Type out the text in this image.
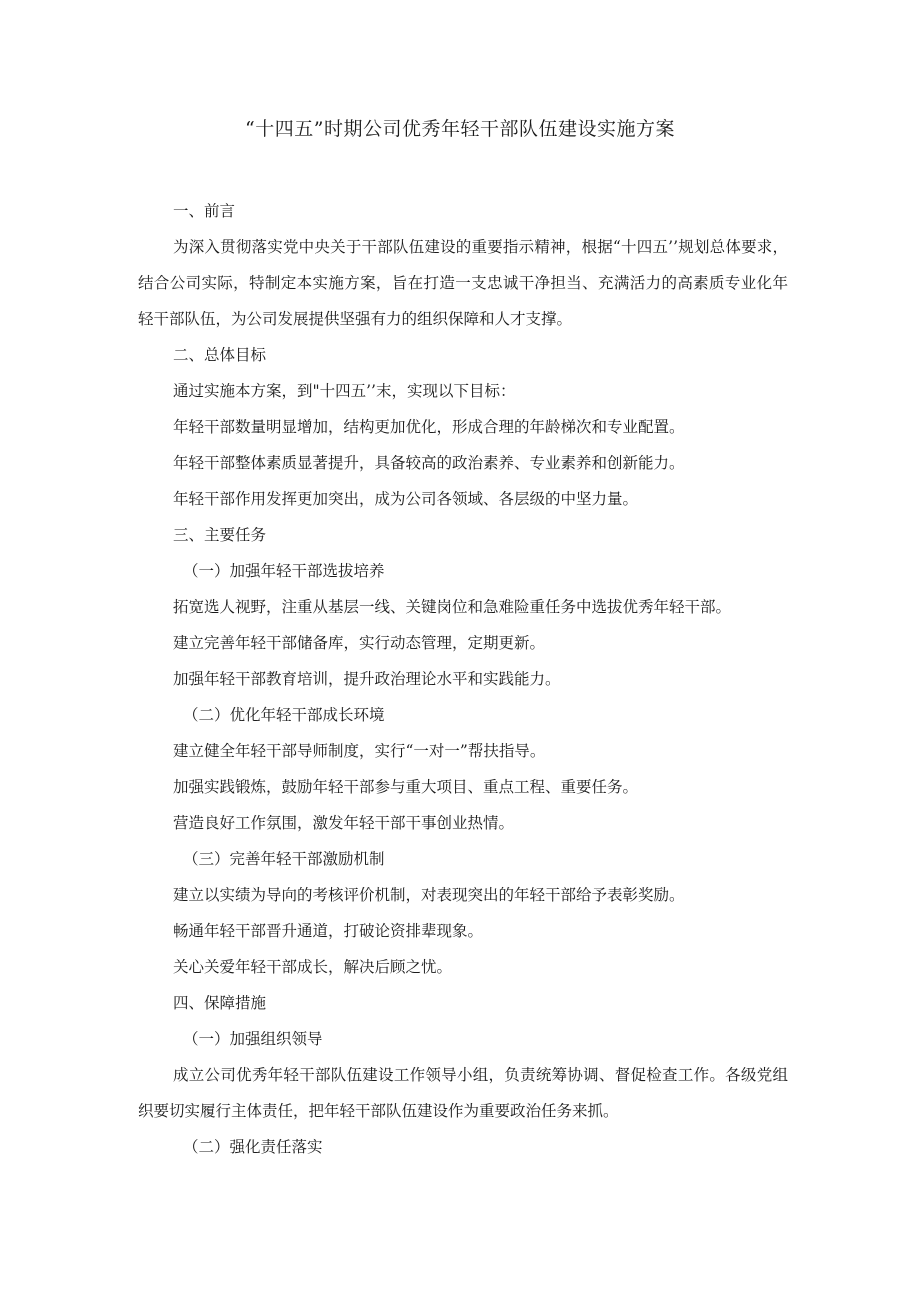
“十四五”时期公司优秀年轻干部队伍建设实施方案

一、前言

为深入贯彻落实党中央关于干部队伍建设的重要指示精神，根据“十四五’’规划总体要求，结合公司实际，特制定本实施方案，旨在打造一支忠诚干净担当、充满活力的高素质专业化年轻干部队伍，为公司发展提供坚强有力的组织保障和人才支撑。

二、总体目标

通过实施本方案，到"十四五’’末，实现以下目标：

年轻干部数量明显增加，结构更加优化，形成合理的年龄梯次和专业配置。

年轻干部整体素质显著提升，具备较高的政治素养、专业素养和创新能力。

年轻干部作用发挥更加突出，成为公司各领域、各层级的中坚力量。

三、主要任务

（一）加强年轻干部选拔培养

拓宽选人视野，注重从基层一线、关键岗位和急难险重任务中选拔优秀年轻干部。

建立完善年轻干部储备库，实行动态管理，定期更新。

加强年轻干部教育培训，提升政治理论水平和实践能力。

（二）优化年轻干部成长环境

建立健全年轻干部导师制度，实行“一对一”帮扶指导。

加强实践锻炼，鼓励年轻干部参与重大项目、重点工程、重要任务。

营造良好工作氛围，激发年轻干部干事创业热情。

（三）完善年轻干部激励机制

建立以实绩为导向的考核评价机制，对表现突出的年轻干部给予表彰奖励。

畅通年轻干部晋升通道，打破论资排辈现象。

关心关爱年轻干部成长，解决后顾之忧。

四、保障措施

（一）加强组织领导

成立公司优秀年轻干部队伍建设工作领导小组，负责统筹协调、督促检查工作。各级党组织要切实履行主体责任，把年轻干部队伍建设作为重要政治任务来抓。

（二）强化责任落实
